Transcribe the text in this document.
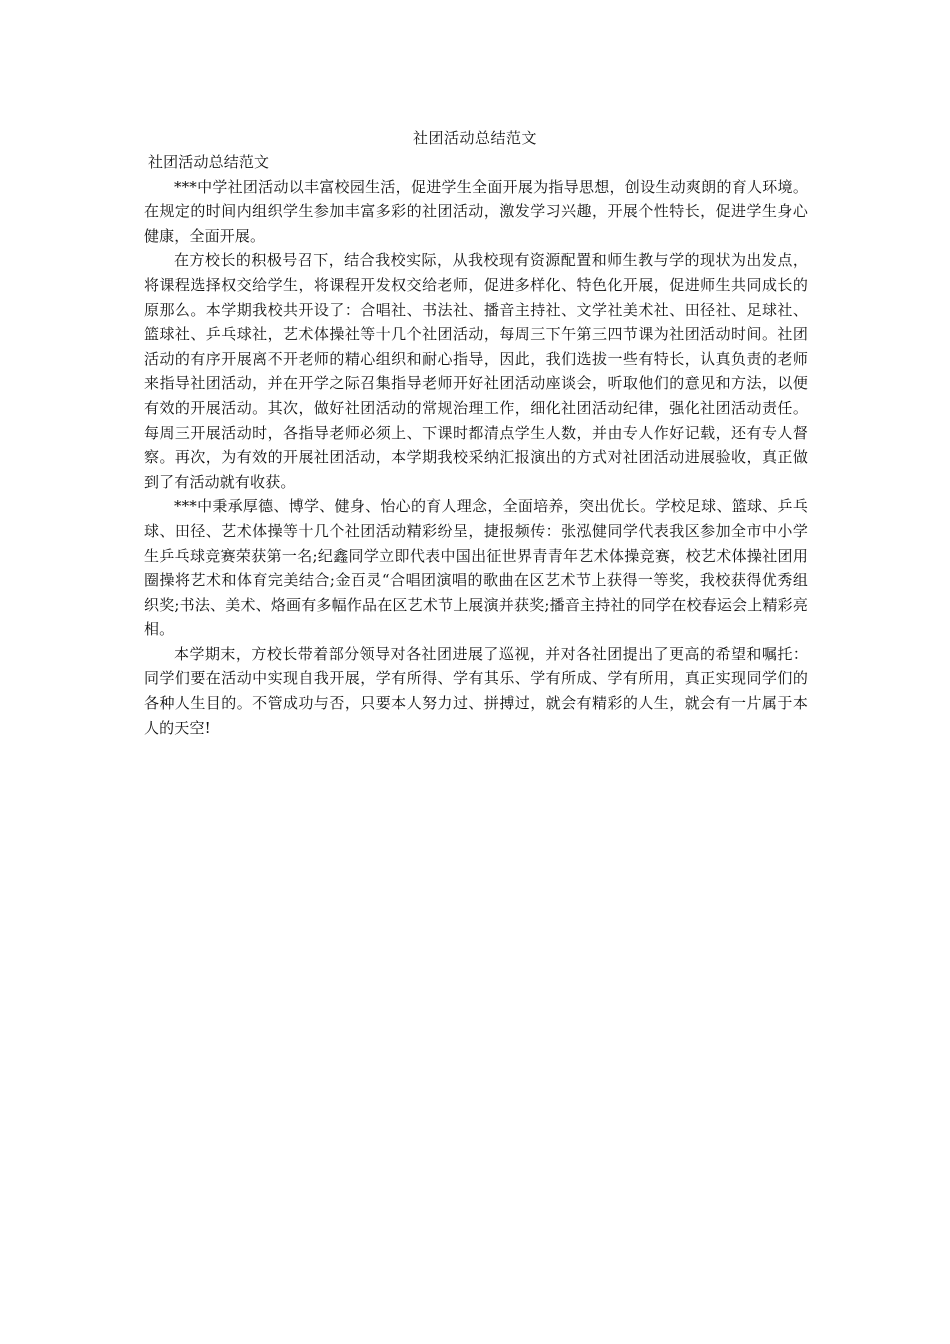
社团活动总结范文

社团活动总结范文

***中学社团活动以丰富校园生活，促进学生全面开展为指导思想，创设生动爽朗的育人环境。在规定的时间内组织学生参加丰富多彩的社团活动，激发学习兴趣，开展个性特长，促进学生身心健康，全面开展。

在方校长的积极号召下，结合我校实际，从我校现有资源配置和师生教与学的现状为出发点，将课程选择权交给学生，将课程开发权交给老师，促进多样化、特色化开展，促进师生共同成长的原那么。本学期我校共开设了：合唱社、书法社、播音主持社、文学社美术社、田径社、足球社、篮球社、乒乓球社，艺术体操社等十几个社团活动，每周三下午第三四节课为社团活动时间。社团活动的有序开展离不开老师的精心组织和耐心指导，因此，我们选拔一些有特长，认真负责的老师来指导社团活动，并在开学之际召集指导老师开好社团活动座谈会，听取他们的意见和方法，以便有效的开展活动。其次，做好社团活动的常规治理工作，细化社团活动纪律，强化社团活动责任。每周三开展活动时，各指导老师必须上、下课时都清点学生人数，并由专人作好记载，还有专人督察。再次，为有效的开展社团活动，本学期我校采纳汇报演出的方式对社团活动进展验收，真正做到了有活动就有收获。

***中秉承厚德、博学、健身、怡心的育人理念，全面培养，突出优长。学校足球、篮球、乒乓球、田径、艺术体操等十几个社团活动精彩纷呈，捷报频传：张泓健同学代表我区参加全市中小学生乒乓球竞赛荣获第一名;纪鑫同学立即代表中国出征世界青青年艺术体操竞赛，校艺术体操社团用圈操将艺术和体育完美结合;金百灵“合唱团演唱的歌曲在区艺术节上获得一等奖，我校获得优秀组织奖;书法、美术、烙画有多幅作品在区艺术节上展演并获奖;播音主持社的同学在校春运会上精彩亮相。

本学期末，方校长带着部分领导对各社团进展了巡视，并对各社团提出了更高的希望和嘱托：同学们要在活动中实现自我开展，学有所得、学有其乐、学有所成、学有所用，真正实现同学们的各种人生目的。不管成功与否，只要本人努力过、拼搏过，就会有精彩的人生，就会有一片属于本人的天空!
